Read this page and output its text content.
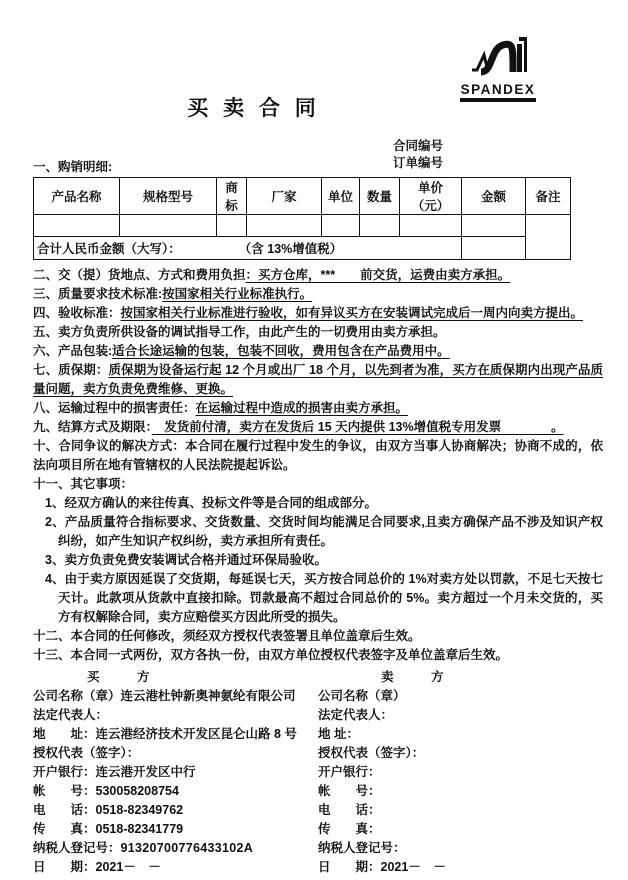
SPANDEX
买 卖 合 同
合同编号
订单编号
一、购销明细:
产品名称	规格型号	商标	厂家	单位	数量	单价（元）	金额	备注

合计人民币金额（大写）： （含 13%增值税）								

二、交（提）货地点、方式和费用负担：买方仓库，***　　前交货，运费由卖方承担。

三、质量要求技术标准:按国家相关行业标准执行。

四、验收标准：按国家相关行业标准进行验收，如有异议买方在安装调试完成后一周内向卖方提出。

五、卖方负责所供设备的调试指导工作，由此产生的一切费用由卖方承担。

六、产品包装:适合长途运输的包装，包装不回收，费用包含在产品费用中。

七、质保期：质保期为设备运行起 12 个月或出厂 18 个月，以先到者为准，买方在质保期内出现产品质量问题，卖方负责免费维修、更换。

八、运输过程中的损害责任：在运输过程中造成的损害由卖方承担。

九、结算方式及期限：　发货前付清，卖方在发货后 15 天内提供 13%增值税专用发票　　　　。

十、合同争议的解决方式：本合同在履行过程中发生的争议，由双方当事人协商解决；协商不成的，依法向项目所在地有管辖权的人民法院提起诉讼。

十一、其它事项：

1、经双方确认的来往传真、投标文件等是合同的组成部分。

2、产品质量符合指标要求、交货数量、交货时间均能满足合同要求,且卖方确保产品不涉及知识产权纠纷，如产生知识产权纠纷，卖方承担所有责任。

3、卖方负责免费安装调试合格并通过环保局验收。

4、由于卖方原因延误了交货期，每延误七天，买方按合同总价的 1%对卖方处以罚款，不足七天按七天计。此款项从货款中直接扣除。罚款最高不超过合同总价的 5%。卖方超过一个月未交货的，买方有权解除合同，卖方应赔偿买方因此所受的损失。

十二、本合同的任何修改，须经双方授权代表签署且单位盖章后生效。

十三、本合同一式两份，双方各执一份，由双方单位授权代表签字及单位盖章后生效。

买　　　方	卖　　　方
公司名称（章）连云港杜钟新奥神氨纶有限公司	公司名称（章）
法定代表人：	法定代表人：
地　　址：连云港经济技术开发区昆仑山路 8 号	地 址：
授权代表（签字）：	授权代表（签字）：
开户银行：连云港开发区中行	开户银行：
帐　　号：530058208754	帐　　号：
电　　话：0518-82349762	电　　话：
传　　真：0518-82341779	传　　真：
纳税人登记号：91320700776433102A	纳税人登记号：
日　　期：2021－　－	日　　期：2021－　－
